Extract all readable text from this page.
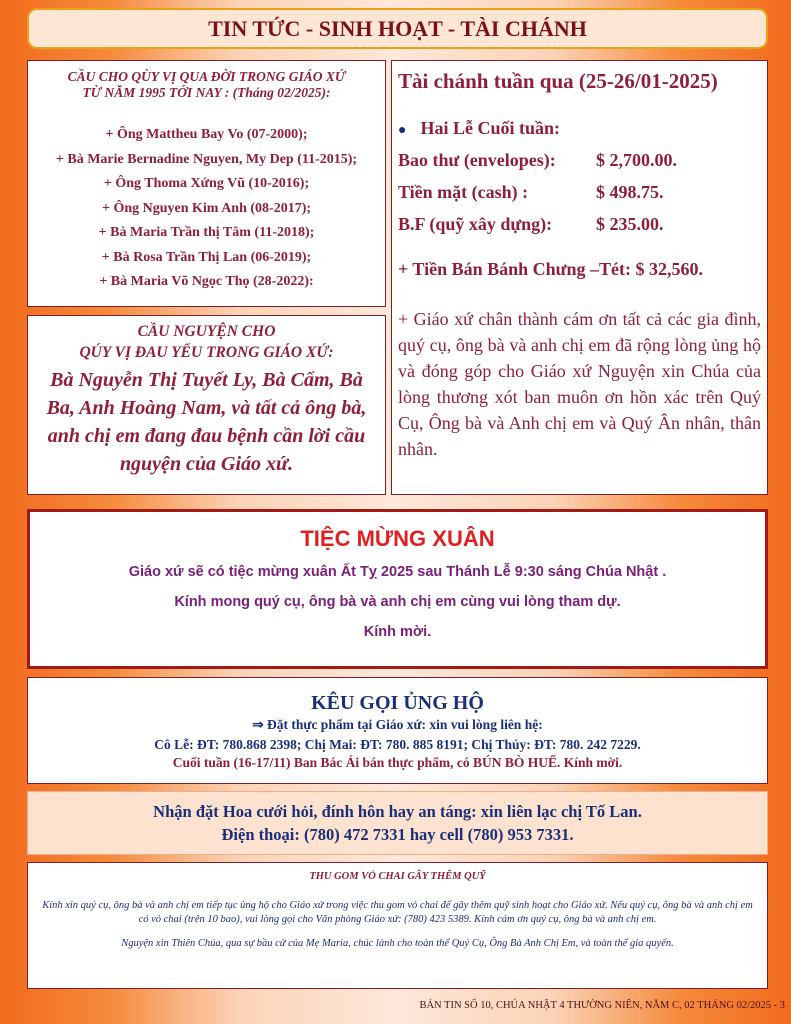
TIN TỨC - SINH HOẠT - TÀI CHÁNH
CẦU CHO QÙY VỊ QUA ĐỜI TRONG GIÁO XỨ
TỪ NĂM 1995 TỚI NAY : (Tháng 02/2025):
+ Ông Mattheu Bay Vo (07-2000);
+ Bà Marie Bernadine Nguyen, My Dep (11-2015);
+ Ông Thoma Xứng Vũ (10-2016);
+ Ông Nguyen Kim Anh (08-2017);
+ Bà Maria Trần thị Tâm (11-2018);
+ Bà Rosa Trần Thị Lan (06-2019);
+ Bà Maria Võ Ngọc Thọ (28-2022):
CẦU NGUYỆN CHO
QÚY VỊ ĐAU YẾU TRONG GIÁO XỨ:
Bà Nguyễn Thị Tuyết Ly, Bà Cẩm, Bà Ba, Anh Hoàng Nam, và tất cả ông bà, anh chị em đang đau bệnh cần lời cầu nguyện của Giáo xứ.
Tài chánh tuần qua (25-26/01-2025)
● Hai Lễ Cuối tuần:
Bao thư (envelopes): $ 2,700.00.
Tiền mặt (cash) :	$ 498.75.
B.F (quỹ xây dựng): $ 235.00.
+ Tiền Bán Bánh Chưng –Tét: $ 32,560.
+ Giáo xứ chân thành cám ơn tất cả các gia đình, quý cụ, ông bà và anh chị em đã rộng lòng ủng hộ và đóng góp cho Giáo xứ Nguyện xin Chúa của lòng thương xót ban muôn ơn hồn xác trên Quý Cụ, Ông bà và Anh chị em và Quý Ân nhân, thân nhân.
TIỆC MỪNG XUÂN

Giáo xứ sẽ có tiệc mừng xuân Ất Tỵ 2025 sau Thánh Lễ 9:30 sáng Chúa Nhật .

Kính mong quý cụ, ông bà và anh chị em cùng vui lòng tham dự.

Kính mời.

KÊU GỌI ỦNG HỘ
⇒ Đặt thực phẩm tại Giáo xứ: xin vui lòng liên hệ:
Cô Lễ: ĐT: 780.868 2398; Chị Mai: ĐT: 780. 885 8191; Chị Thúy: ĐT: 780. 242 7229.
Cuối tuần (16-17/11) Ban Bác Ái bán thực phẩm, có BÚN BÒ HUẾ. Kính mời.
Nhận đặt Hoa cưới hỏi, đính hôn hay an táng: xin liên lạc chị Tố Lan.
Điện thoại: (780) 472 7331 hay cell (780) 953 7331.
THU GOM VỎ CHAI GÂY THÊM QUỸ
Kính xin quý cụ, ông bà và anh chị em tiếp tục ủng hộ cho Giáo xứ trong việc thu gom vỏ chai để gây thêm quỹ sinh hoạt cho Giáo xứ. Nếu quý cụ, ông bà và anh chị em có vỏ chai (trên 10 bao), vui lòng gọi cho Văn phòng Giáo xứ: (780) 423 5389. Kính cám ơn quý cụ, ông bà và anh chị em.
Nguyện xin Thiên Chúa, qua sự bầu cử của Mẹ Maria, chúc lành cho toàn thể Quý Cụ, Ông Bà Anh Chị Em, và toàn thể gia quyến.
BẢN TIN SỐ 10, CHÚA NHẬT 4 THƯỜNG NIÊN, NĂM C, 02 THÁNG 02/2025 - 3
